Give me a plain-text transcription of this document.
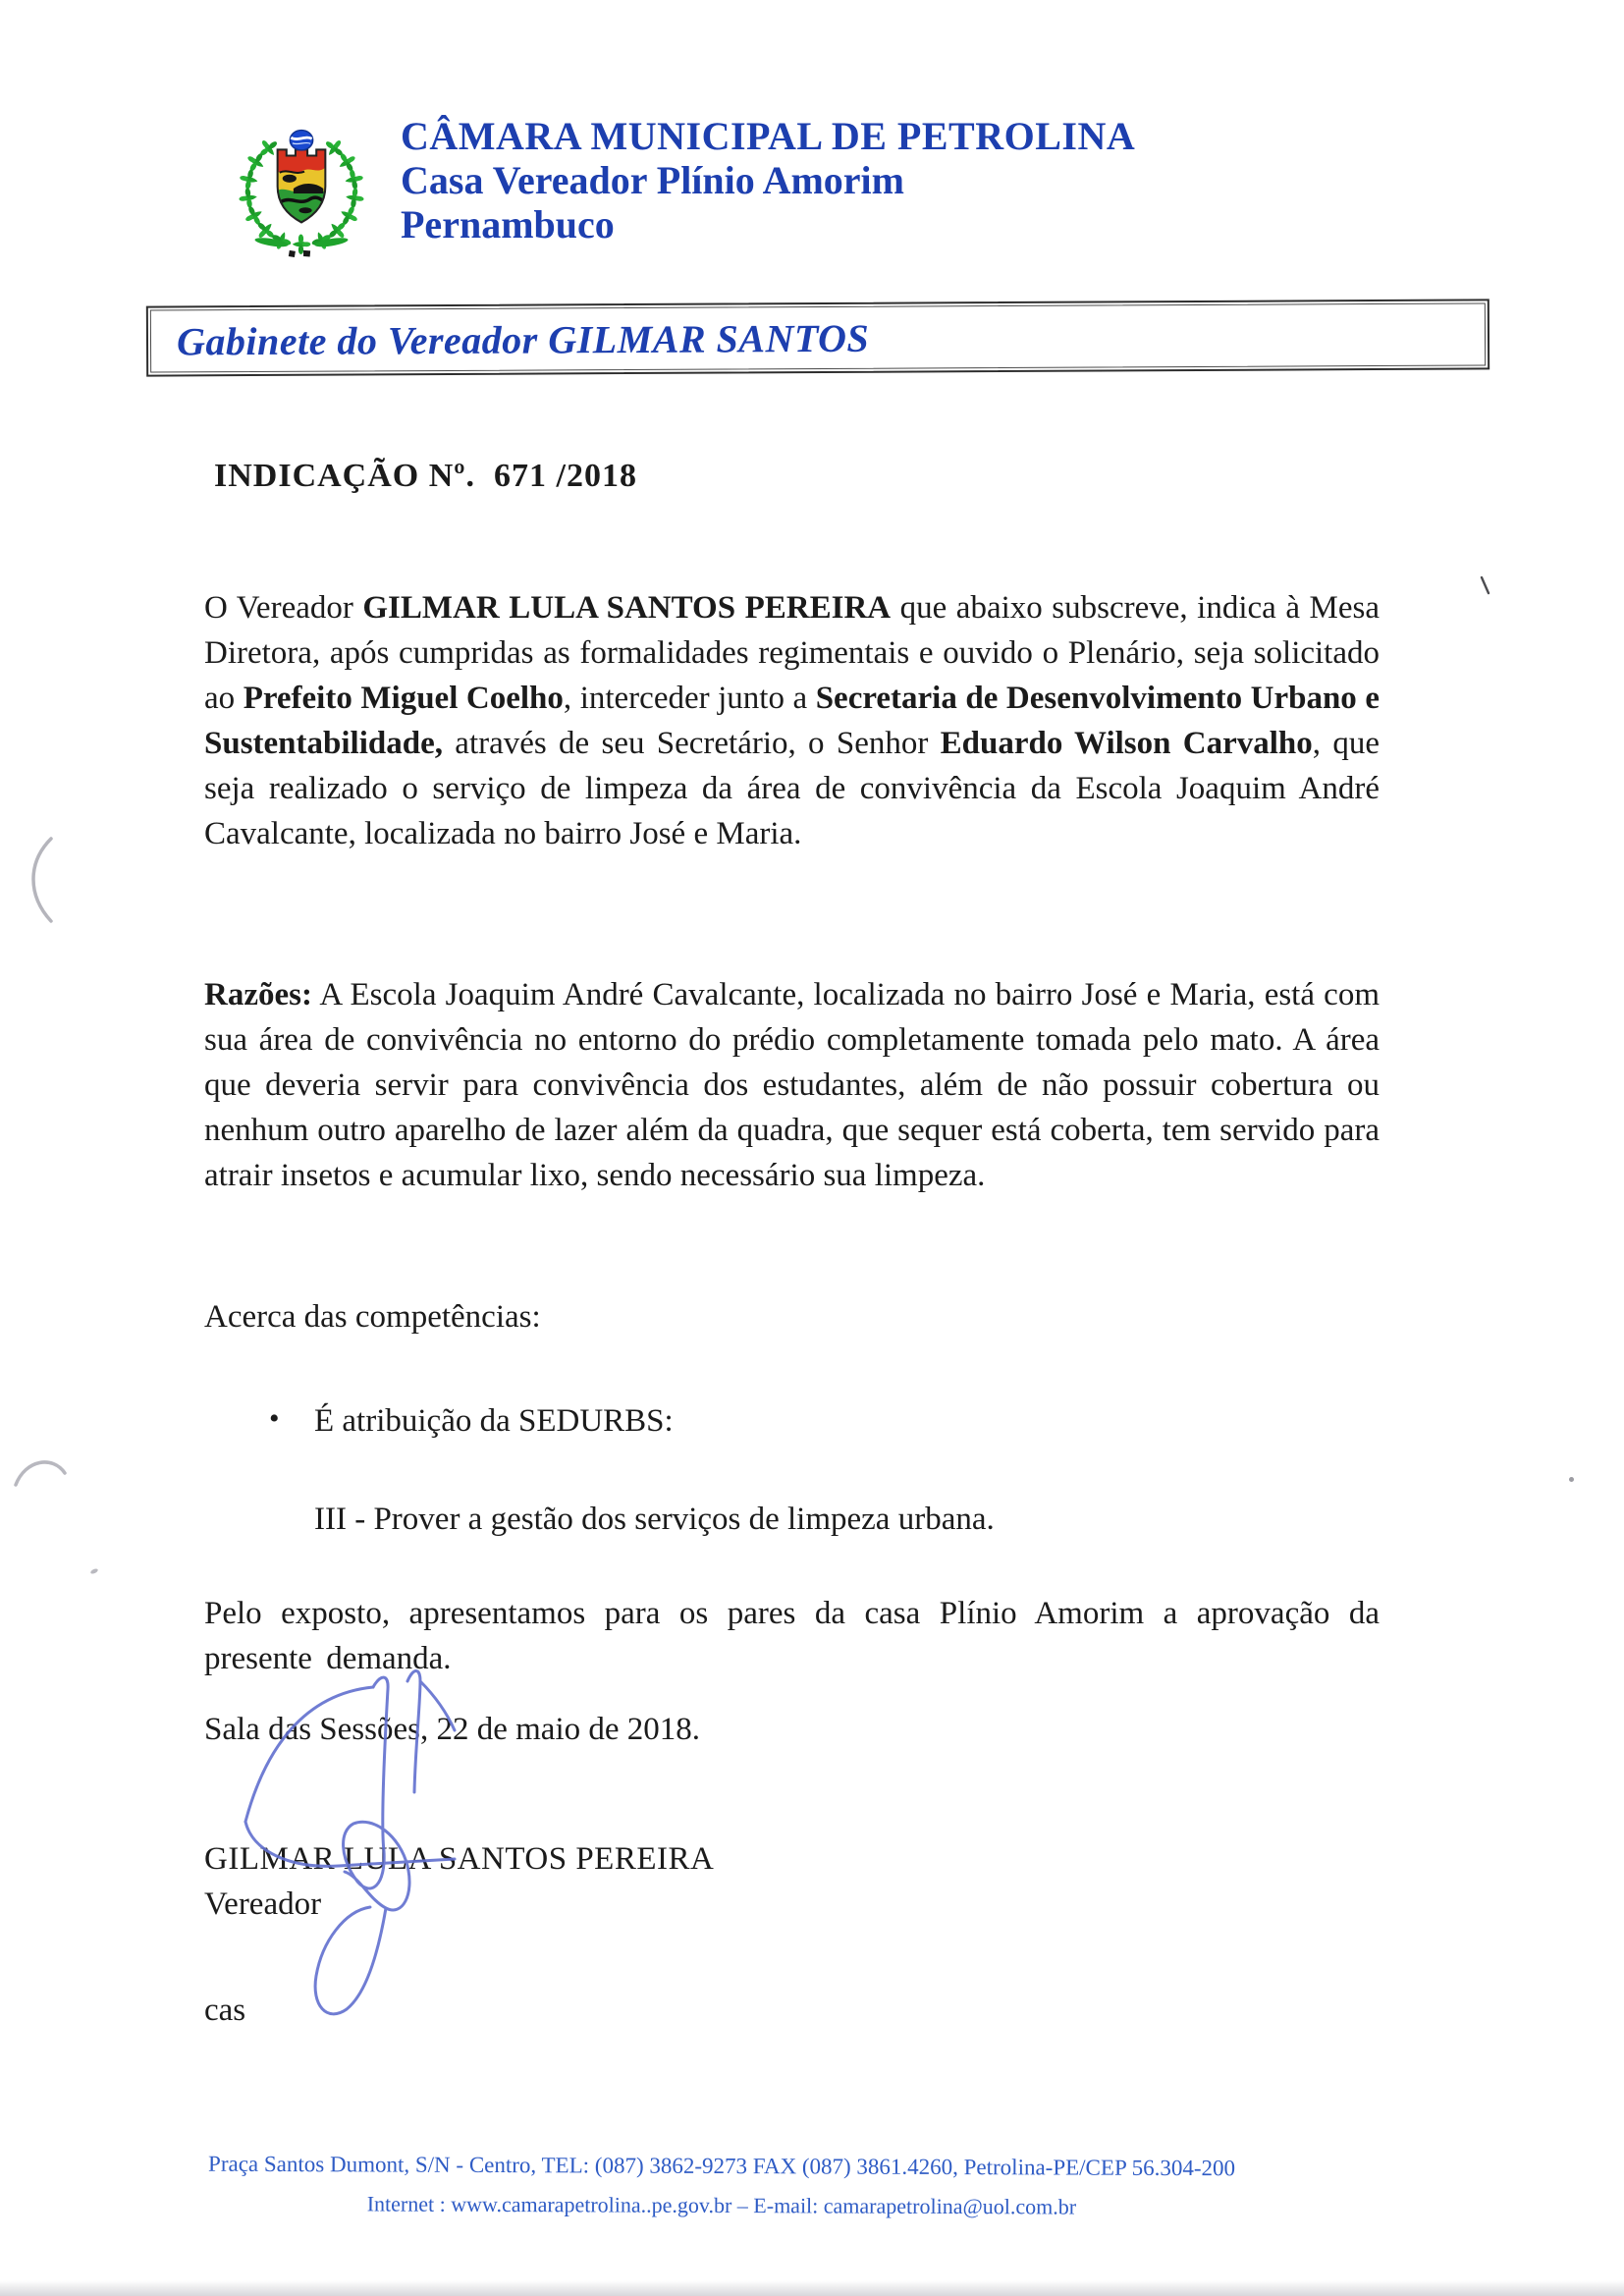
CÂMARA MUNICIPAL DE PETROLINA
Casa Vereador Plínio Amorim
Pernambuco
Gabinete do Vereador GILMAR SANTOS
INDICAÇÃO Nº.  671 /2018
O Vereador GILMAR LULA SANTOS PEREIRA que abaixo subscreve, indica à Mesa Diretora, após cumpridas as formalidades regimentais e ouvido o Plenário, seja solicitado ao Prefeito Miguel Coelho, interceder junto a Secretaria de Desenvolvimento Urbano e Sustentabilidade, através de seu Secretário, o Senhor Eduardo Wilson Carvalho, que seja realizado o serviço de limpeza da área de convivência da Escola Joaquim André Cavalcante, localizada no bairro José e Maria.
Razões: A Escola Joaquim André Cavalcante, localizada no bairro José e Maria, está com sua área de convivência no entorno do prédio completamente tomada pelo mato. A área que deveria servir para convivência dos estudantes, além de não possuir cobertura ou nenhum outro aparelho de lazer além da quadra, que sequer está coberta, tem servido para atrair insetos e acumular lixo, sendo necessário sua limpeza.
Acerca das competências:
• É atribuição da SEDURBS:
III - Prover a gestão dos serviços de limpeza urbana.
Pelo exposto, apresentamos para os pares da casa Plínio Amorim a aprovação da presente demanda.
Sala das Sessões, 22 de maio de 2018.
GILMAR LULA SANTOS PEREIRA
Vereador
cas
Praça Santos Dumont, S/N - Centro, TEL: (087) 3862-9273 FAX (087) 3861.4260, Petrolina-PE/CEP 56.304-200
Internet : www.camarapetrolina..pe.gov.br – E-mail: camarapetrolina@uol.com.br
